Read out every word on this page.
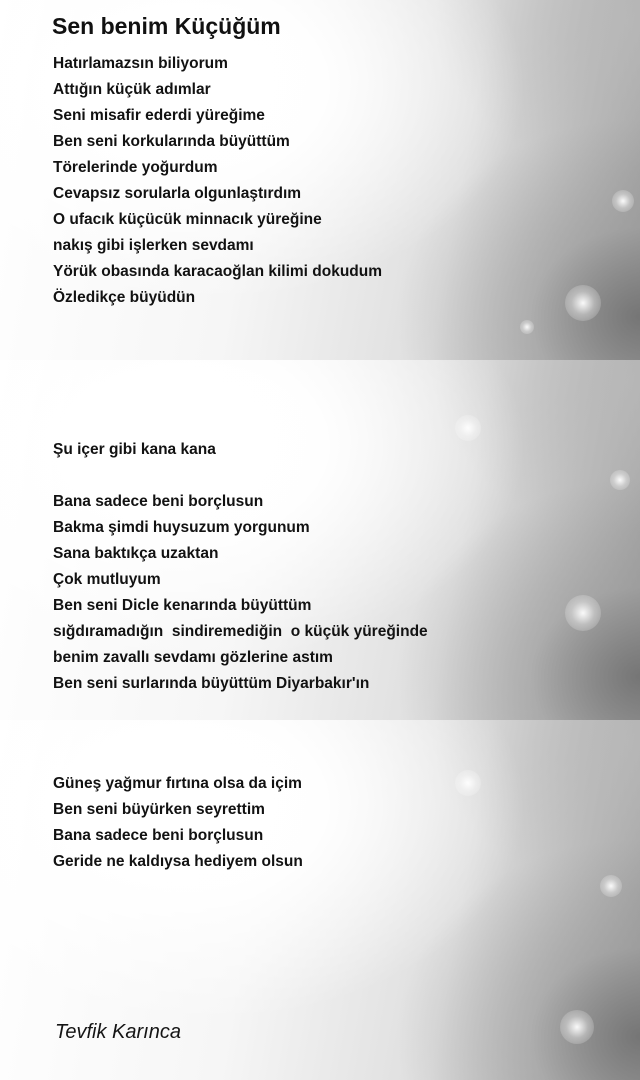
Sen benim Küçüğüm
Hatırlamazsın biliyorum
Attığın küçük adımlar
Seni misafir ederdi yüreğime
Ben seni korkularında büyüttüm
Törelerinde yoğurdum
Cevapsız sorularla olgunlaştırdım
O ufacık küçücük minnacık yüreğine
nakış gibi işlerken sevdamı
Yörük obasında karacaoğlan kilimi dokudum
Özledikçe büyüdün
Şu içer gibi kana kana
Bana sadece beni borçlusun
Bakma şimdi huysuzum yorgunum
Sana baktıkça uzaktan
Çok mutluyum
Ben seni Dicle kenarında büyüttüm
sığdıramadığın  sindiremediğin  o küçük yüreğinde
benim zavallı sevdamı gözlerine astım
Ben seni surlarında büyüttüm Diyarbakır'ın
Güneş yağmur fırtına olsa da içim
Ben seni büyürken seyrettim
Bana sadece beni borçlusun
Geride ne kaldıysa hediyem olsun
Tevfik Karınca
